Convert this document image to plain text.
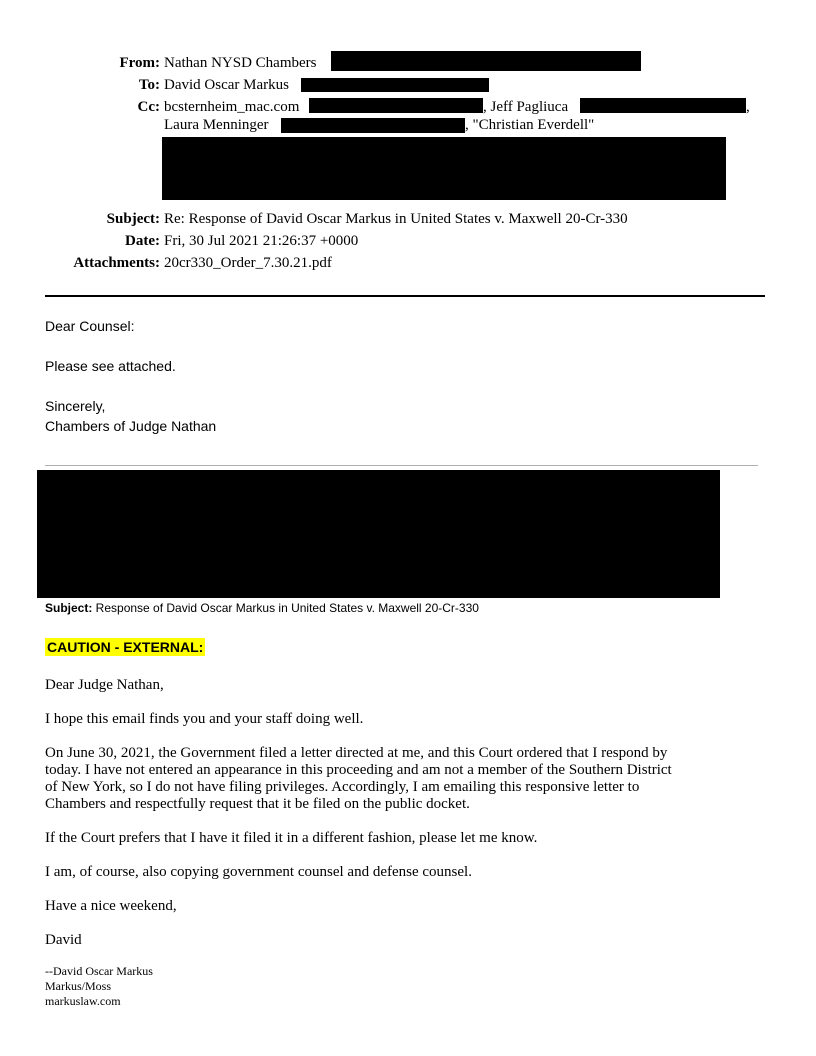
From: Nathan NYSD Chambers
To: David Oscar Markus
Cc: bcsternheim_mac.com	, Jeff Pagliuca	,
Laura Menninger	, "Christian Everdell"
Subject: Re: Response of David Oscar Markus in United States v. Maxwell 20-Cr-330
Date: Fri, 30 Jul 2021 21:26:37 +0000
Attachments: 20cr330_Order_7.30.21.pdf
Dear Counsel:
Please see attached.
Sincerely,
Chambers of Judge Nathan
Subject: Response of David Oscar Markus in United States v. Maxwell 20-Cr-330
CAUTION - EXTERNAL:
Dear Judge Nathan,
I hope this email finds you and your staff doing well.
On June 30, 2021, the Government filed a letter directed at me, and this Court ordered that I respond by
today. I have not entered an appearance in this proceeding and am not a member of the Southern District
of New York, so I do not have filing privileges. Accordingly, I am emailing this responsive letter to
Chambers and respectfully request that it be filed on the public docket.
If the Court prefers that I have it filed it in a different fashion, please let me know.
I am, of course, also copying government counsel and defense counsel.
Have a nice weekend,
David
--David Oscar Markus
Markus/Moss
markuslaw.com
